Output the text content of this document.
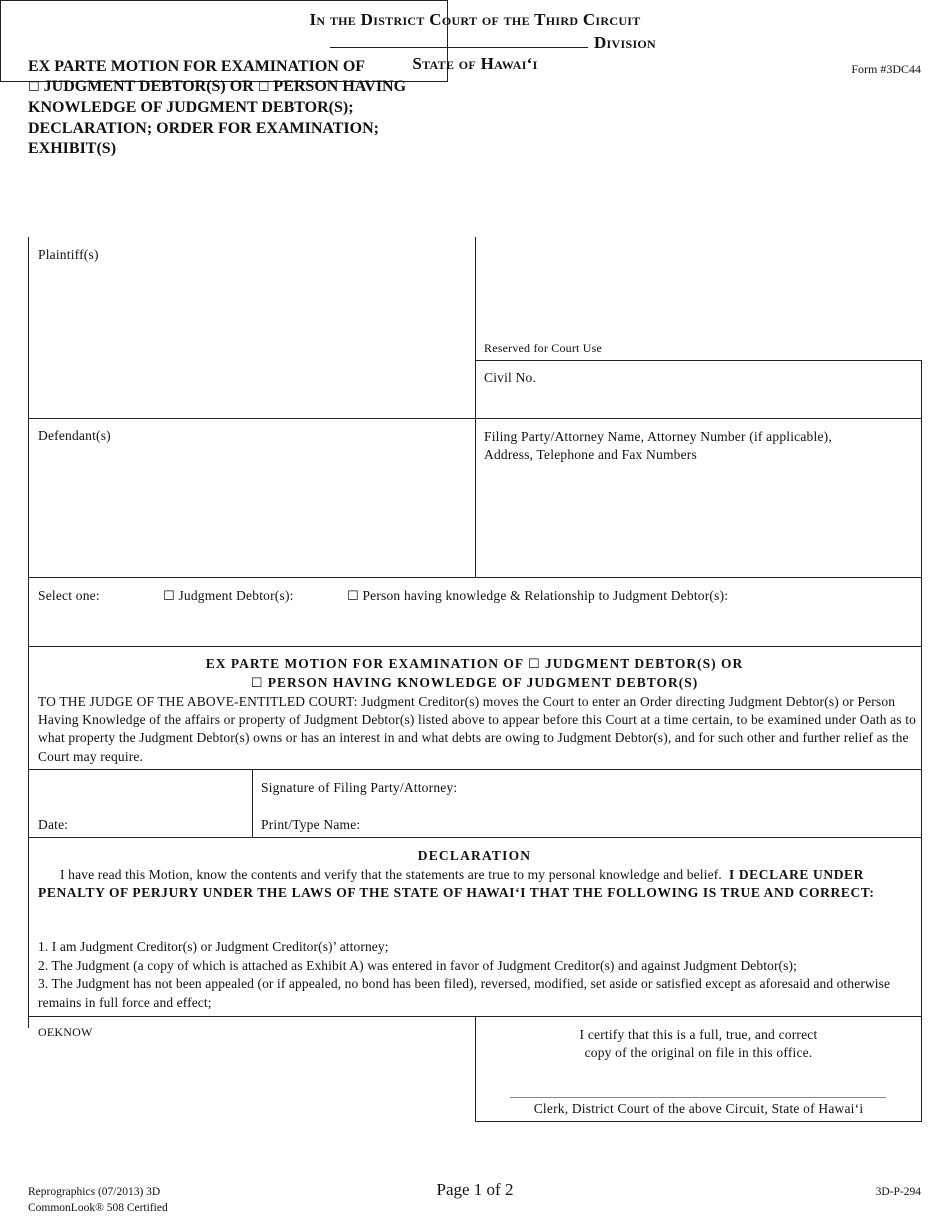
EX PARTE MOTION FOR EXAMINATION OF
☐ JUDGMENT DEBTOR(S) OR ☐ PERSON HAVING
KNOWLEDGE OF JUDGMENT DEBTOR(S);
DECLARATION; ORDER FOR EXAMINATION;
EXHIBIT(S)
Form #3DC44
In the District Court of the Third Circuit
Division
State of Hawai‘i
Plaintiff(s)
Reserved for Court Use
Civil No.
Defendant(s)	Filing Party/Attorney Name, Attorney Number (if applicable),
Address, Telephone and Fax Numbers
Select one:	☐ Judgment Debtor(s):	☐ Person having knowledge & Relationship to Judgment Debtor(s):
EX PARTE MOTION FOR EXAMINATION OF ☐ JUDGMENT DEBTOR(S) OR
☐ PERSON HAVING KNOWLEDGE OF JUDGMENT DEBTOR(S)
TO THE JUDGE OF THE ABOVE-ENTITLED COURT: Judgment Creditor(s) moves the Court to enter an Order directing Judgment Debtor(s) or Person Having Knowledge of the affairs or property of Judgment Debtor(s) listed above to appear before this Court at a time certain, to be examined under Oath as to what property the Judgment Debtor(s) owns or has an interest in and what debts are owing to Judgment Debtor(s), and for such other and further relief as the Court may require.
Date:
Signature of Filing Party/Attorney:
Print/Type Name:
DECLARATION
I have read this Motion, know the contents and verify that the statements are true to my personal knowledge and belief. I DECLARE UNDER PENALTY OF PERJURY UNDER THE LAWS OF THE STATE OF HAWAI‘I THAT THE FOLLOWING IS TRUE AND CORRECT:
1. I am Judgment Creditor(s) or Judgment Creditor(s)’ attorney;
2. The Judgment (a copy of which is attached as Exhibit A) was entered in favor of Judgment Creditor(s) and against Judgment Debtor(s);
3. The Judgment has not been appealed (or if appealed, no bond has been filed), reversed, modified, set aside or satisfied except as aforesaid and otherwise remains in full force and effect;
OEKNOW	I certify that this is a full, true, and correct
copy of the original on file in this office.
Clerk, District Court of the above Circuit, State of Hawai‘i
Reprographics (07/2013) 3D
CommonLook® 508 Certified
Page 1 of 2	3D-P-294
